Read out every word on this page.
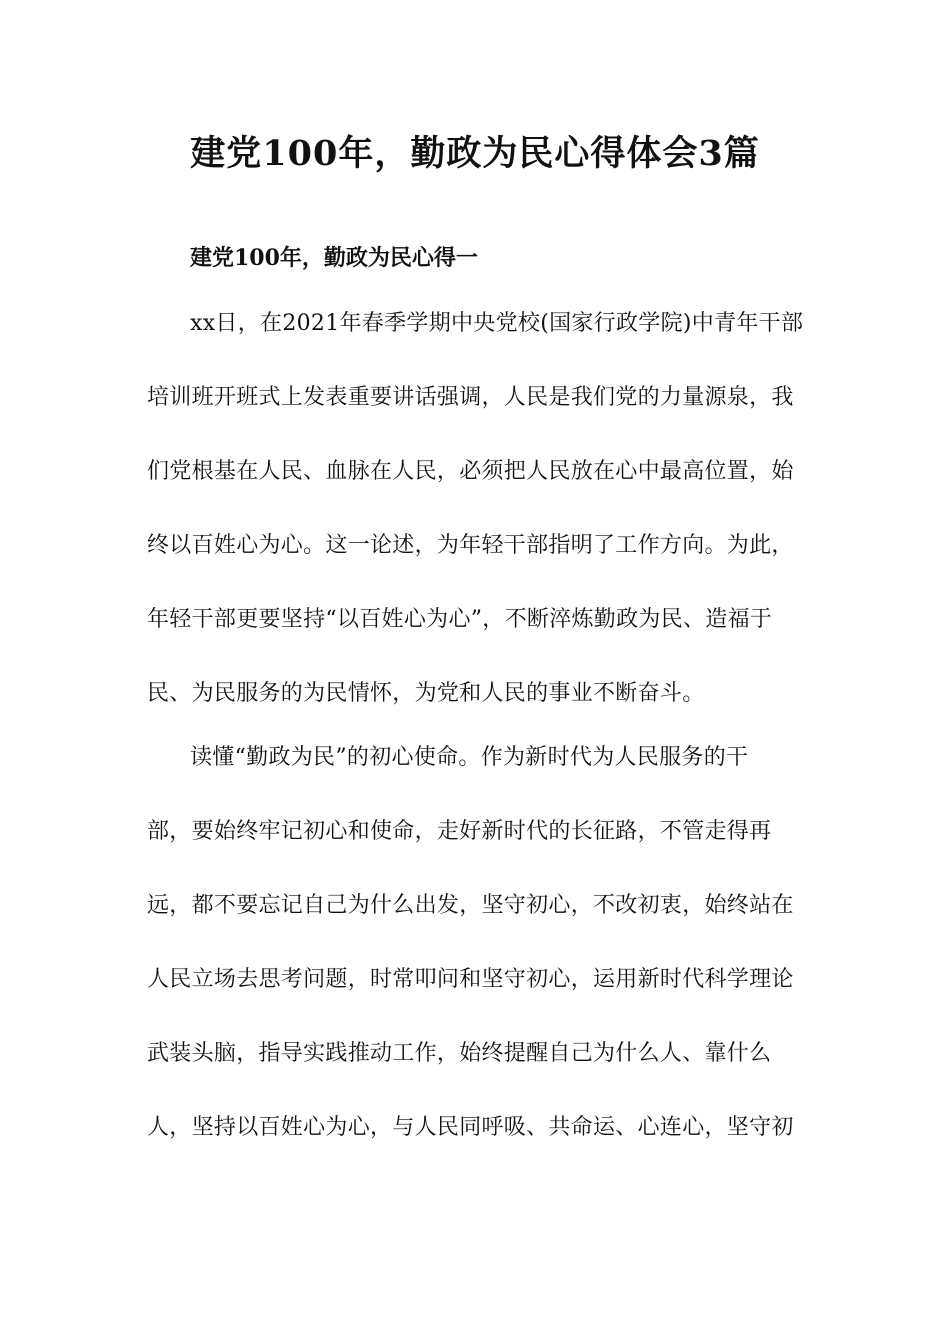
建党100年，勤政为民心得体会3篇
建党100年，勤政为民心得一
xx日，在2021年春季学期中央党校(国家行政学院)中青年干部
培训班开班式上发表重要讲话强调，人民是我们党的力量源泉，我
们党根基在人民、血脉在人民，必须把人民放在心中最高位置，始
终以百姓心为心。这一论述，为年轻干部指明了工作方向。为此，
年轻干部更要坚持“以百姓心为心”，不断淬炼勤政为民、造福于
民、为民服务的为民情怀，为党和人民的事业不断奋斗。
读懂“勤政为民”的初心使命。作为新时代为人民服务的干
部，要始终牢记初心和使命，走好新时代的长征路，不管走得再
远，都不要忘记自己为什么出发，坚守初心，不改初衷，始终站在
人民立场去思考问题，时常叩问和坚守初心，运用新时代科学理论
武装头脑，指导实践推动工作，始终提醒自己为什么人、靠什么
人，坚持以百姓心为心，与人民同呼吸、共命运、心连心，坚守初
